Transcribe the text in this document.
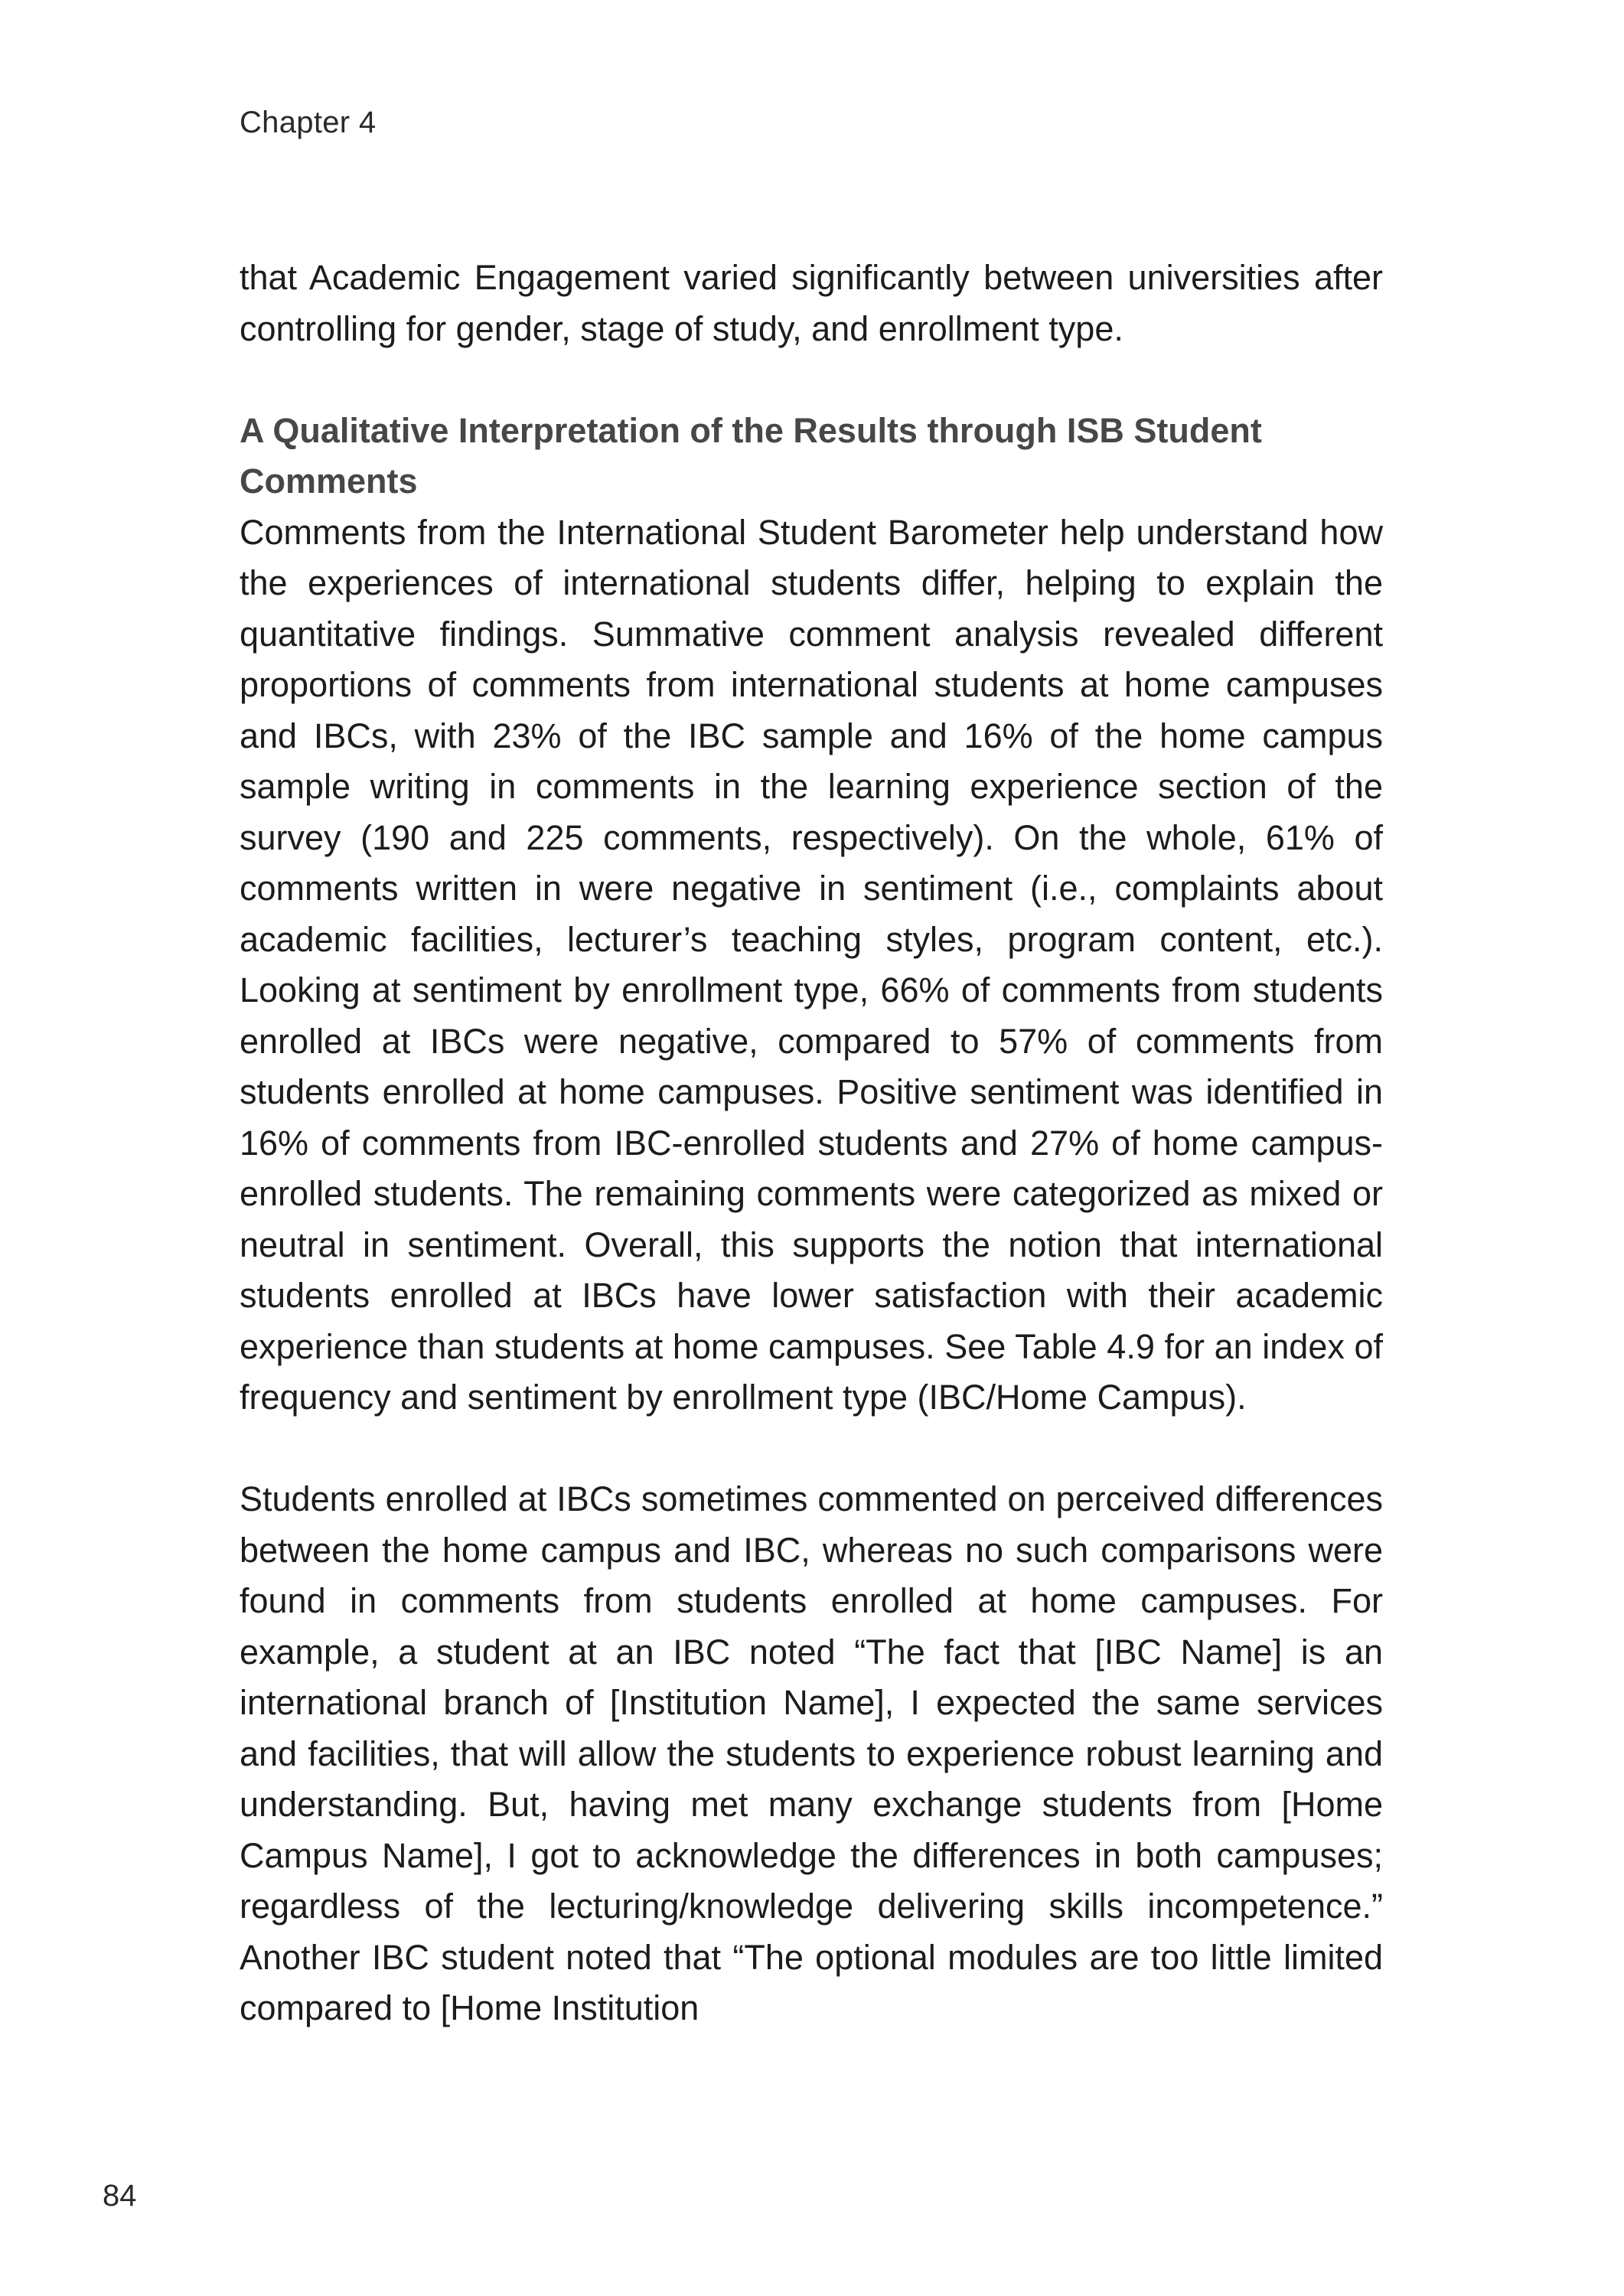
Chapter 4

that Academic Engagement varied significantly between universities after controlling for gender, stage of study, and enrollment type.

A Qualitative Interpretation of the Results through ISB Student Comments

Comments from the International Student Barometer help understand how the experiences of international students differ, helping to explain the quantitative findings. Summative comment analysis revealed different proportions of comments from international students at home campuses and IBCs, with 23% of the IBC sample and 16% of the home campus sample writing in comments in the learning experience section of the survey (190 and 225 comments, respectively). On the whole, 61% of comments written in were negative in sentiment (i.e., complaints about academic facilities, lecturer’s teaching styles, program content, etc.). Looking at sentiment by enrollment type, 66% of comments from students enrolled at IBCs were negative, compared to 57% of comments from students enrolled at home campuses. Positive sentiment was identified in 16% of comments from IBC-enrolled students and 27% of home campus-enrolled students. The remaining comments were categorized as mixed or neutral in sentiment. Overall, this supports the notion that international students enrolled at IBCs have lower satisfaction with their academic experience than students at home campuses. See Table 4.9 for an index of frequency and sentiment by enrollment type (IBC/Home Campus).

Students enrolled at IBCs sometimes commented on perceived differences between the home campus and IBC, whereas no such comparisons were found in comments from students enrolled at home campuses. For example, a student at an IBC noted “The fact that [IBC Name] is an international branch of [Institution Name], I expected the same services and facilities, that will allow the students to experience robust learning and understanding. But, having met many exchange students from [Home Campus Name], I got to acknowledge the differences in both campuses; regardless of the lecturing/knowledge delivering skills incompetence.” Another IBC student noted that “The optional modules are too little limited compared to [Home Institution

84
